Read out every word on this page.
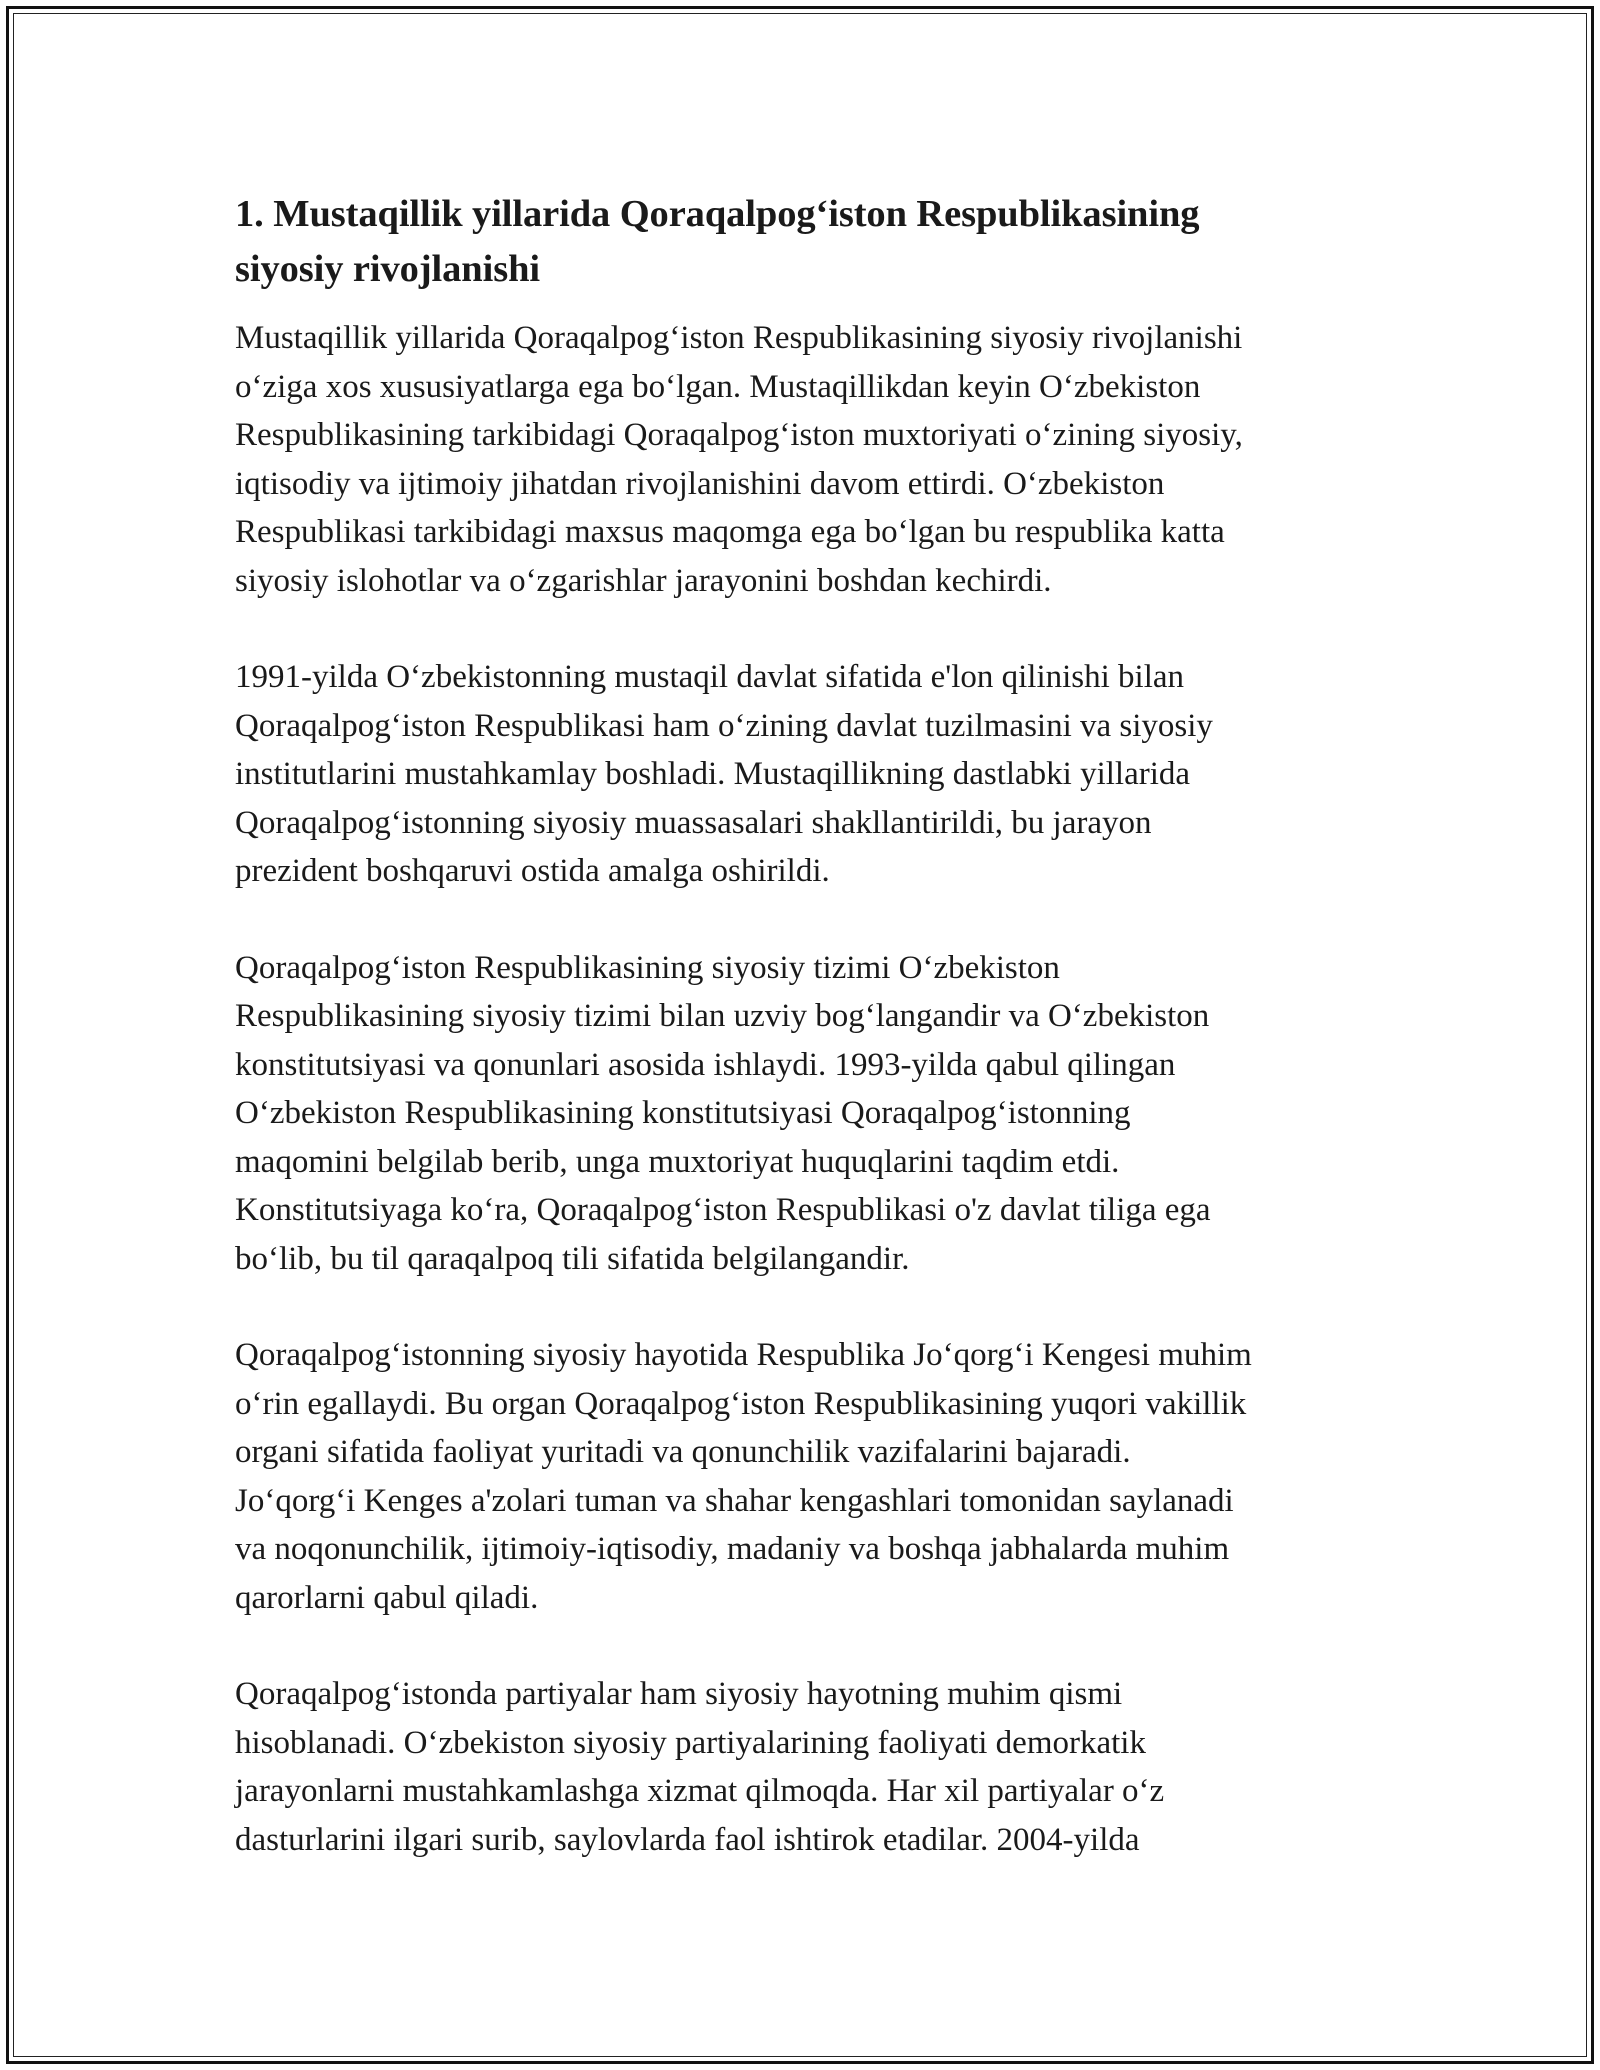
1. Mustaqillik yillarida Qoraqalpog‘iston Respublikasining
siyosiy rivojlanishi

Mustaqillik yillarida Qoraqalpog‘iston Respublikasining siyosiy rivojlanishi
o‘ziga xos xususiyatlarga ega bo‘lgan. Mustaqillikdan keyin O‘zbekiston
Respublikasining tarkibidagi Qoraqalpog‘iston muxtoriyati o‘zining siyosiy,
iqtisodiy va ijtimoiy jihatdan rivojlanishini davom ettirdi. O‘zbekiston
Respublikasi tarkibidagi maxsus maqomga ega bo‘lgan bu respublika katta
siyosiy islohotlar va o‘zgarishlar jarayonini boshdan kechirdi.

1991-yilda O‘zbekistonning mustaqil davlat sifatida e'lon qilinishi bilan
Qoraqalpog‘iston Respublikasi ham o‘zining davlat tuzilmasini va siyosiy
institutlarini mustahkamlay boshladi. Mustaqillikning dastlabki yillarida
Qoraqalpog‘istonning siyosiy muassasalari shakllantirildi, bu jarayon
prezident boshqaruvi ostida amalga oshirildi.

Qoraqalpog‘iston Respublikasining siyosiy tizimi O‘zbekiston
Respublikasining siyosiy tizimi bilan uzviy bog‘langandir va O‘zbekiston
konstitutsiyasi va qonunlari asosida ishlaydi. 1993-yilda qabul qilingan
O‘zbekiston Respublikasining konstitutsiyasi Qoraqalpog‘istonning
maqomini belgilab berib, unga muxtoriyat huquqlarini taqdim etdi.
Konstitutsiyaga ko‘ra, Qoraqalpog‘iston Respublikasi o'z davlat tiliga ega
bo‘lib, bu til qaraqalpoq tili sifatida belgilangandir.

Qoraqalpog‘istonning siyosiy hayotida Respublika Jo‘qorg‘i Kengesi muhim
o‘rin egallaydi. Bu organ Qoraqalpog‘iston Respublikasining yuqori vakillik
organi sifatida faoliyat yuritadi va qonunchilik vazifalarini bajaradi.
Jo‘qorg‘i Kenges a'zolari tuman va shahar kengashlari tomonidan saylanadi
va noqonunchilik, ijtimoiy-iqtisodiy, madaniy va boshqa jabhalarda muhim
qarorlarni qabul qiladi.

Qoraqalpog‘istonda partiyalar ham siyosiy hayotning muhim qismi
hisoblanadi. O‘zbekiston siyosiy partiyalarining faoliyati demorkatik
jarayonlarni mustahkamlashga xizmat qilmoqda. Har xil partiyalar o‘z
dasturlarini ilgari surib, saylovlarda faol ishtirok etadilar. 2004-yilda
